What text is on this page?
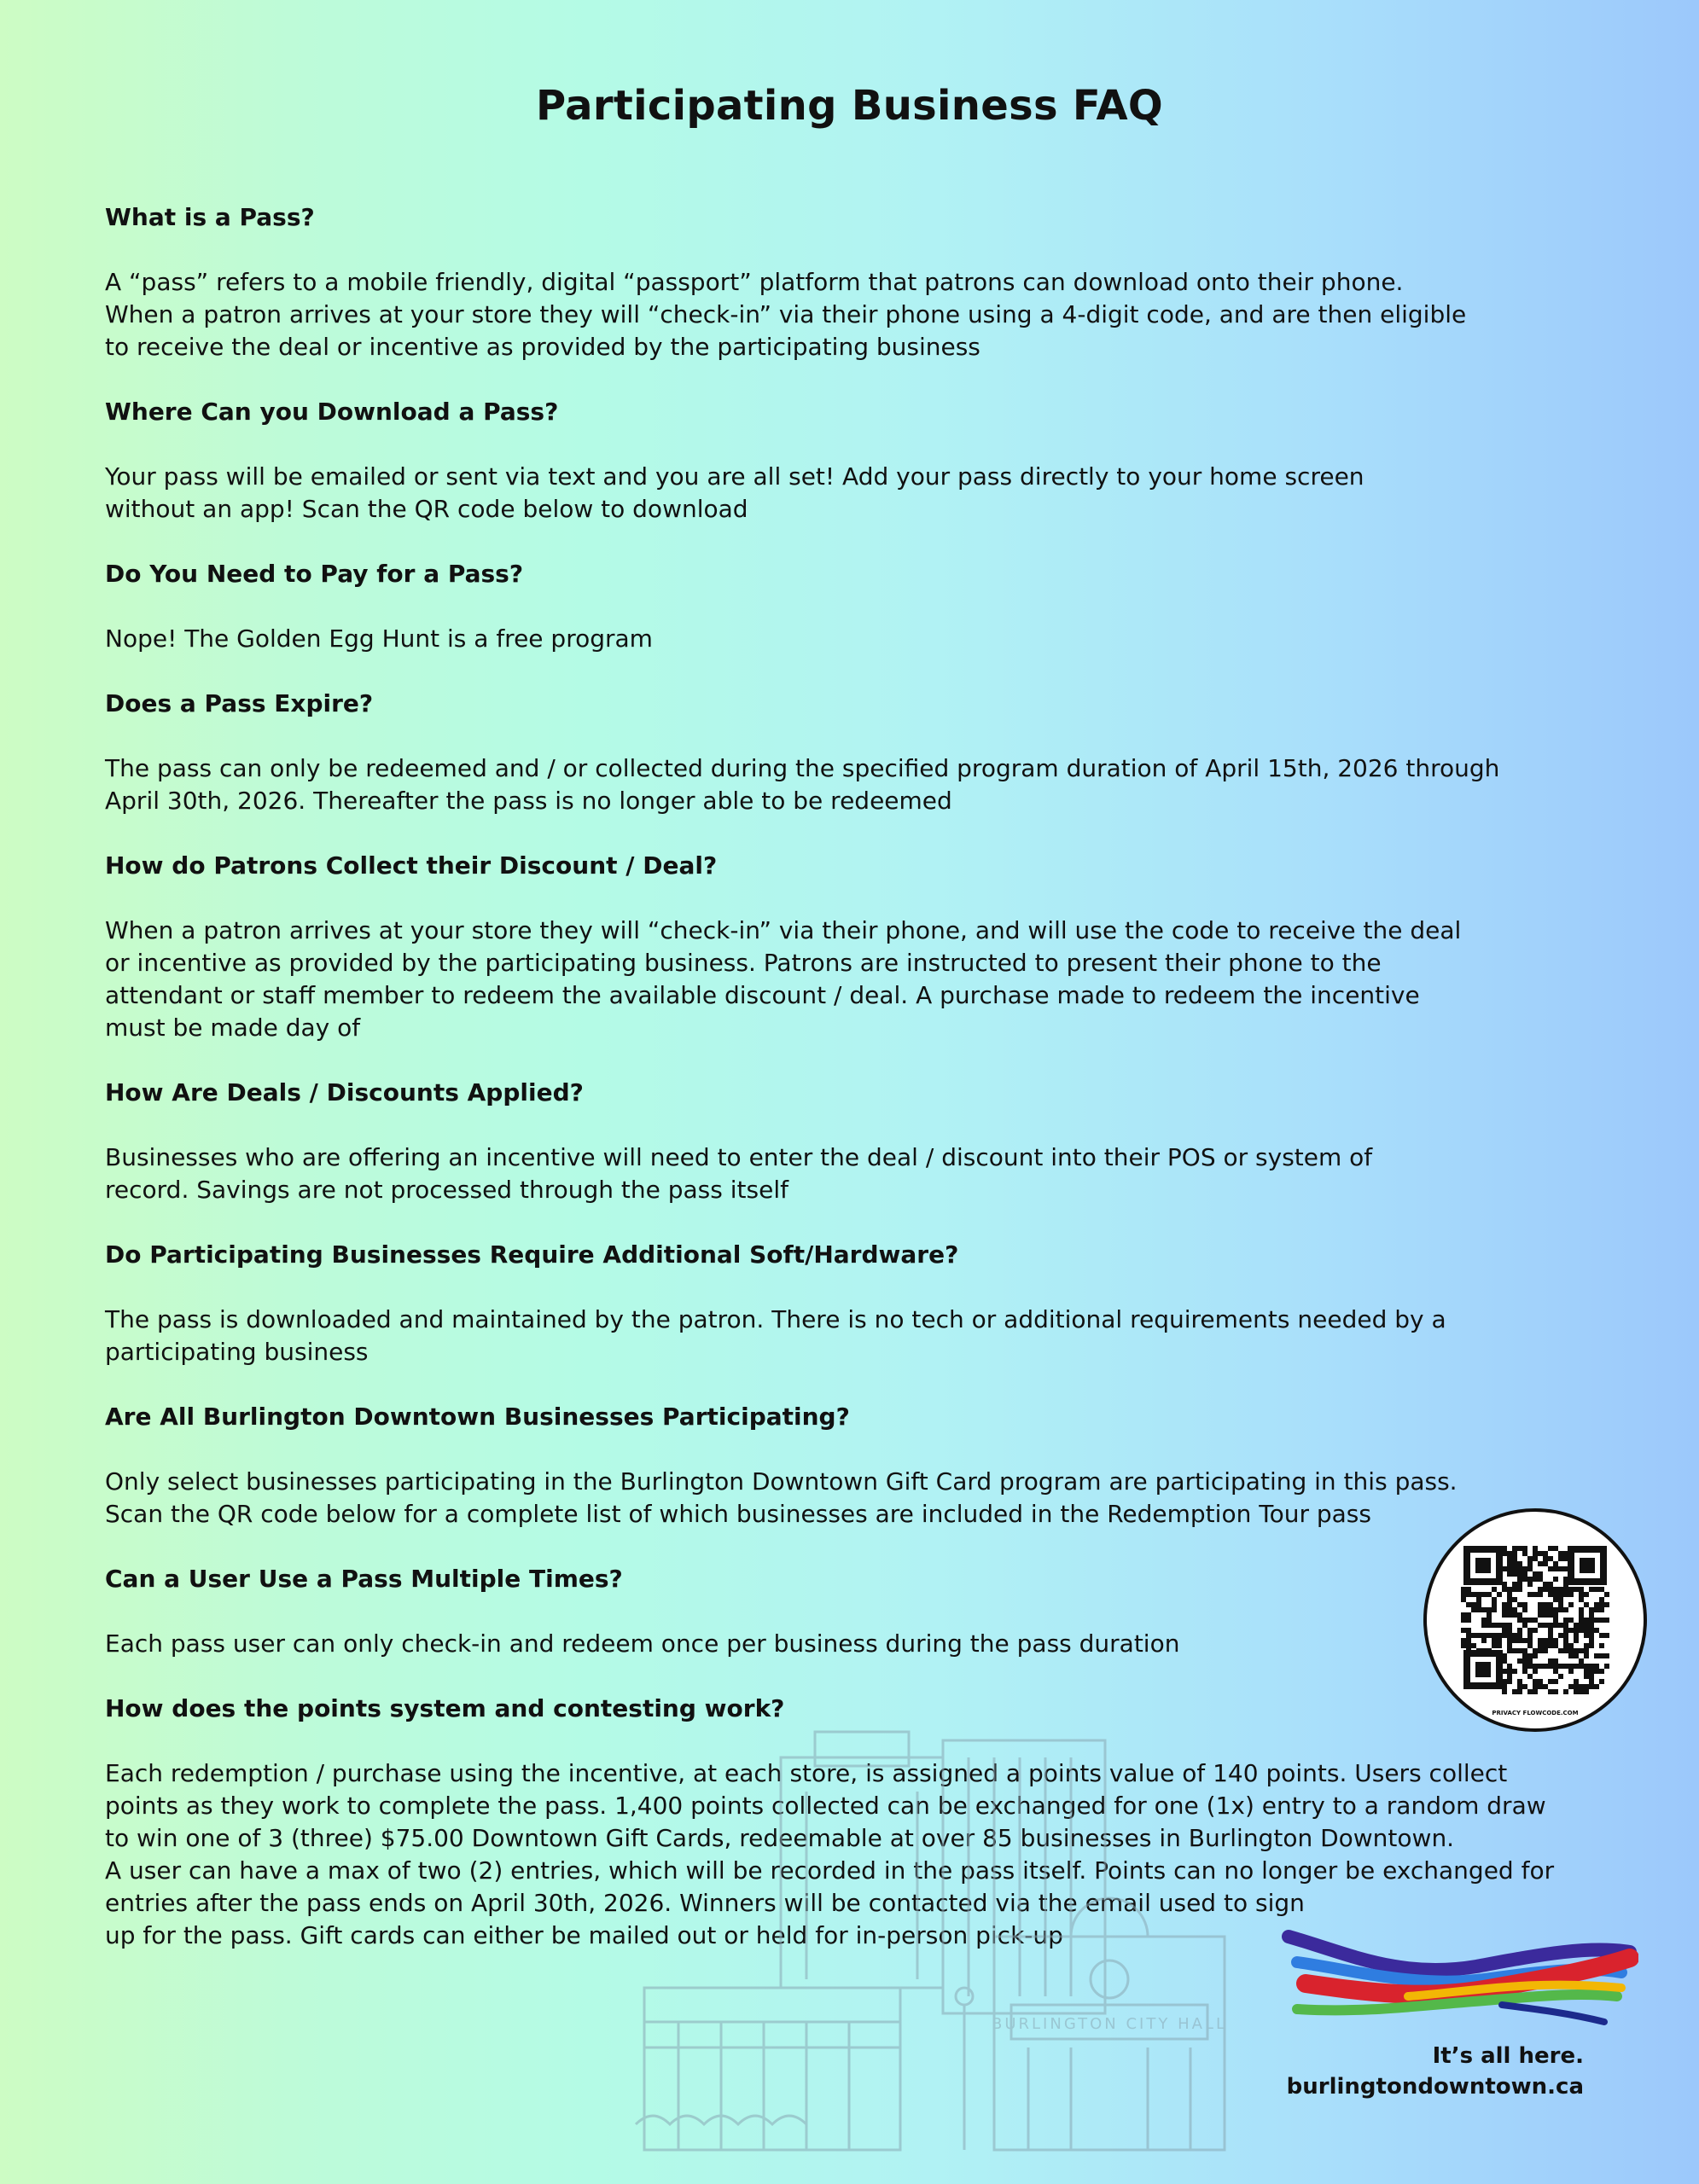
Participating Business FAQ
What is a Pass?
A “pass” refers to a mobile friendly, digital “passport” platform that patrons can download onto their phone.
When a patron arrives at your store they will “check-in” via their phone using a 4-digit code, and are then eligible
to receive the deal or incentive as provided by the participating business
Where Can you Download a Pass?
Your pass will be emailed or sent via text and you are all set! Add your pass directly to your home screen
without an app! Scan the QR code below to download
Do You Need to Pay for a Pass?
Nope! The Golden Egg Hunt is a free program
Does a Pass Expire?
The pass can only be redeemed and / or collected during the specified program duration of April 15th, 2026 through
April 30th, 2026. Thereafter the pass is no longer able to be redeemed
How do Patrons Collect their Discount / Deal?
When a patron arrives at your store they will “check-in” via their phone, and will use the code to receive the deal
or incentive as provided by the participating business. Patrons are instructed to present their phone to the
attendant or staff member to redeem the available discount / deal. A purchase made to redeem the incentive
must be made day of
How Are Deals / Discounts Applied?
Businesses who are offering an incentive will need to enter the deal / discount into their POS or system of
record. Savings are not processed through the pass itself
Do Participating Businesses Require Additional Soft/Hardware?
The pass is downloaded and maintained by the patron. There is no tech or additional requirements needed by a
participating business
Are All Burlington Downtown Businesses Participating?
Only select businesses participating in the Burlington Downtown Gift Card program are participating in this pass.
Scan the QR code below for a complete list of which businesses are included in the Redemption Tour pass
Can a User Use a Pass Multiple Times?
Each pass user can only check-in and redeem once per business during the pass duration
How does the points system and contesting work?
Each redemption / purchase using the incentive, at each store, is assigned a points value of 140 points. Users collect
points as they work to complete the pass. 1,400 points collected can be exchanged for one (1x) entry to a random draw
to win one of 3 (three) $75.00 Downtown Gift Cards, redeemable at over 85 businesses in Burlington Downtown.
A user can have a max of two (2) entries, which will be recorded in the pass itself. Points can no longer be exchanged for
entries after the pass ends on April 30th, 2026. Winners will be contacted via the email used to sign
up for the pass. Gift cards can either be mailed out or held for in-person pick-up
BURLINGTON CITY HALL
PRIVACY FLOWCODE.COM
It’s all here.
burlingtondowntown.ca
